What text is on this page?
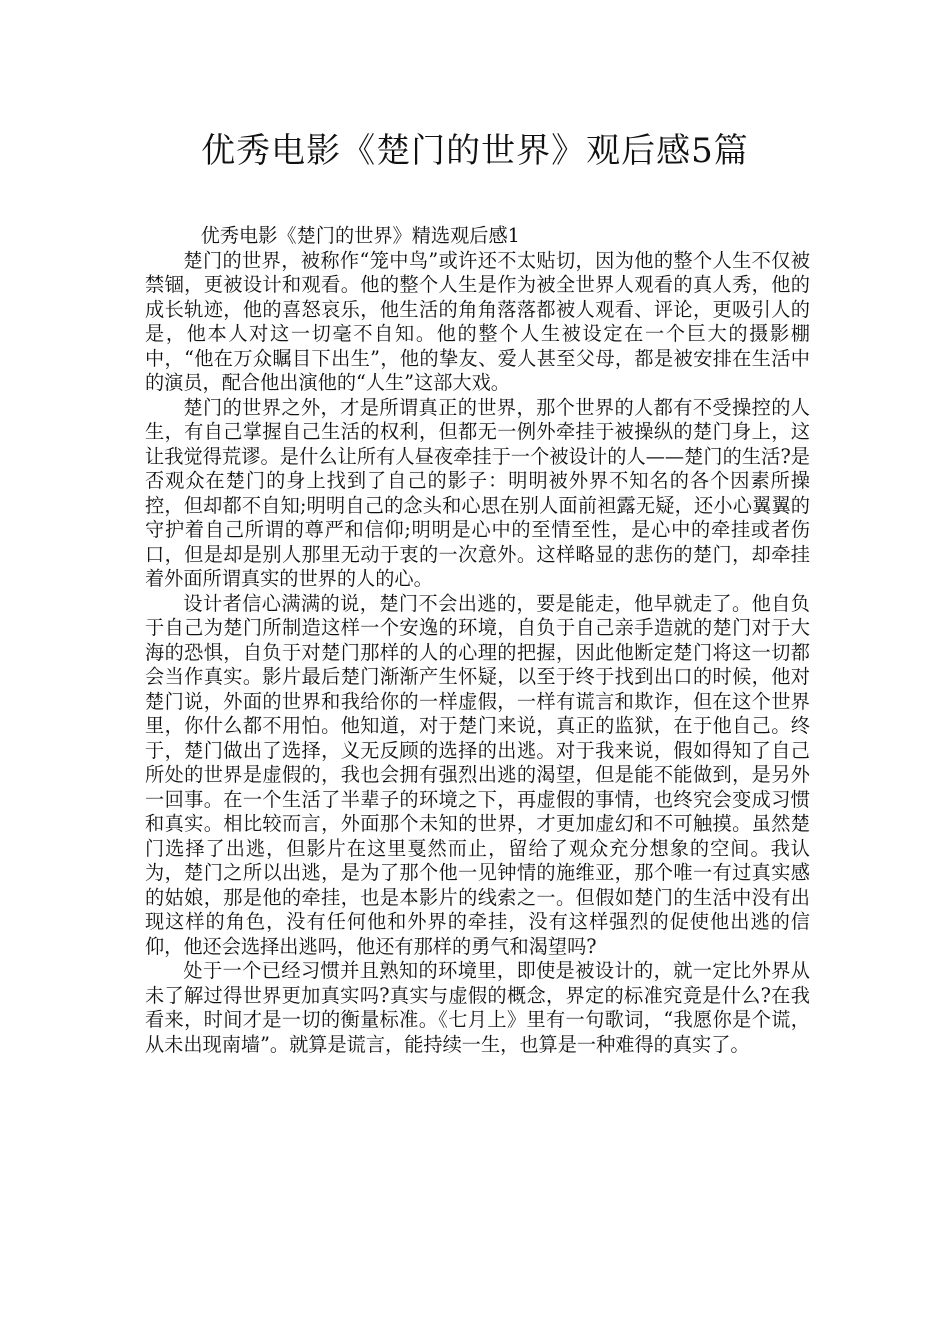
优秀电影《楚门的世界》观后感5篇
优秀电影《楚门的世界》精选观后感1

楚门的世界，被称作“笼中鸟”或许还不太贴切，因为他的整个人生不仅被禁锢，更被设计和观看。他的整个人生是作为被全世界人观看的真人秀，他的成长轨迹，他的喜怒哀乐，他生活的角角落落都被人观看、评论，更吸引人的是，他本人对这一切毫不自知。他的整个人生被设定在一个巨大的摄影棚中，“他在万众瞩目下出生”，他的挚友、爱人甚至父母，都是被安排在生活中的演员，配合他出演他的“人生”这部大戏。

楚门的世界之外，才是所谓真正的世界，那个世界的人都有不受操控的人生，有自己掌握自己生活的权利，但都无一例外牵挂于被操纵的楚门身上，这让我觉得荒谬。是什么让所有人昼夜牵挂于一个被设计的人——楚门的生活?是否观众在楚门的身上找到了自己的影子：明明被外界不知名的各个因素所操控，但却都不自知;明明自己的念头和心思在别人面前袒露无疑，还小心翼翼的守护着自己所谓的尊严和信仰;明明是心中的至情至性，是心中的牵挂或者伤口，但是却是别人那里无动于衷的一次意外。这样略显的悲伤的楚门，却牵挂着外面所谓真实的世界的人的心。

设计者信心满满的说，楚门不会出逃的，要是能走，他早就走了。他自负于自己为楚门所制造这样一个安逸的环境，自负于自己亲手造就的楚门对于大海的恐惧，自负于对楚门那样的人的心理的把握，因此他断定楚门将这一切都会当作真实。影片最后楚门渐渐产生怀疑，以至于终于找到出口的时候，他对楚门说，外面的世界和我给你的一样虚假，一样有谎言和欺诈，但在这个世界里，你什么都不用怕。他知道，对于楚门来说，真正的监狱，在于他自己。终于，楚门做出了选择，义无反顾的选择的出逃。对于我来说，假如得知了自己所处的世界是虚假的，我也会拥有强烈出逃的渴望，但是能不能做到，是另外一回事。在一个生活了半辈子的环境之下，再虚假的事情，也终究会变成习惯和真实。相比较而言，外面那个未知的世界，才更加虚幻和不可触摸。虽然楚门选择了出逃，但影片在这里戛然而止，留给了观众充分想象的空间。我认为，楚门之所以出逃，是为了那个他一见钟情的施维亚，那个唯一有过真实感的姑娘，那是他的牵挂，也是本影片的线索之一。但假如楚门的生活中没有出现这样的角色，没有任何他和外界的牵挂，没有这样强烈的促使他出逃的信仰，他还会选择出逃吗，他还有那样的勇气和渴望吗?

处于一个已经习惯并且熟知的环境里，即使是被设计的，就一定比外界从未了解过得世界更加真实吗?真实与虚假的概念，界定的标准究竟是什么?在我看来，时间才是一切的衡量标准。《七月上》里有一句歌词，“我愿你是个谎，从未出现南墙”。就算是谎言，能持续一生，也算是一种难得的真实了。
